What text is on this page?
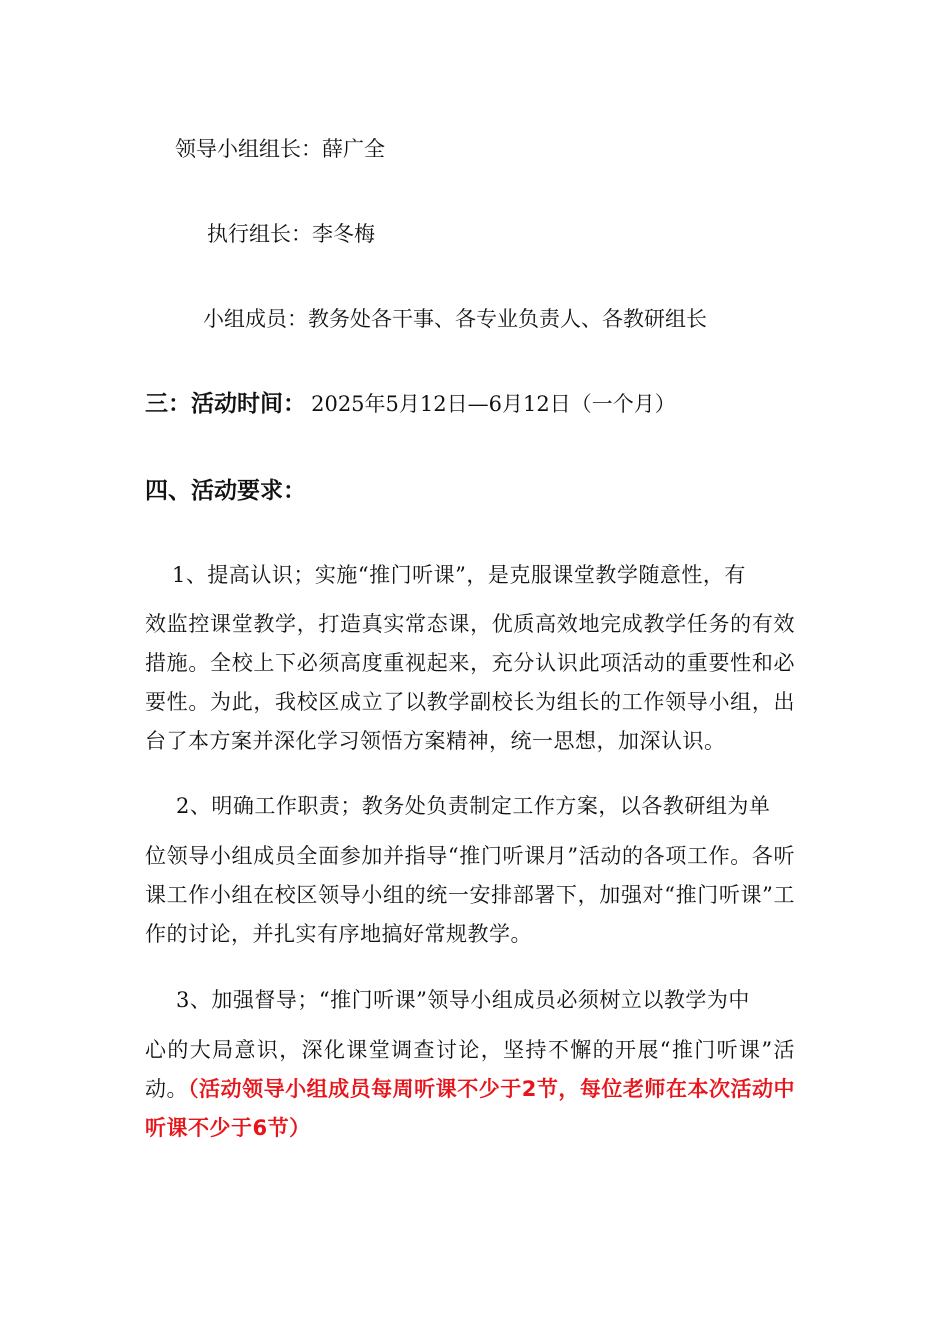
领导小组组长：薛广全
执行组长：李冬梅
小组成员：教务处各干事、各专业负责人、各教研组长
三：活动时间： 2025年5月12日—6月12日（一个月）
四、活动要求：
1、提高认识；实施“推门听课”，是克服课堂教学随意性，有
效监控课堂教学，打造真实常态课，优质高效地完成教学任务的有效措施。全校上下必须高度重视起来，充分认识此项活动的重要性和必要性。为此，我校区成立了以教学副校长为组长的工作领导小组，出台了本方案并深化学习领悟方案精神，统一思想，加深认识。
2、明确工作职责；教务处负责制定工作方案，以各教研组为单
位领导小组成员全面参加并指导“推门听课月”活动的各项工作。各听课工作小组在校区领导小组的统一安排部署下，加强对“推门听课”工作的讨论，并扎实有序地搞好常规教学。
3、加强督导；“推门听课”领导小组成员必须树立以教学为中
心的大局意识，深化课堂调查讨论，坚持不懈的开展“推门听课”活动。（活动领导小组成员每周听课不少于2节，每位老师在本次活动中听课不少于6节）
